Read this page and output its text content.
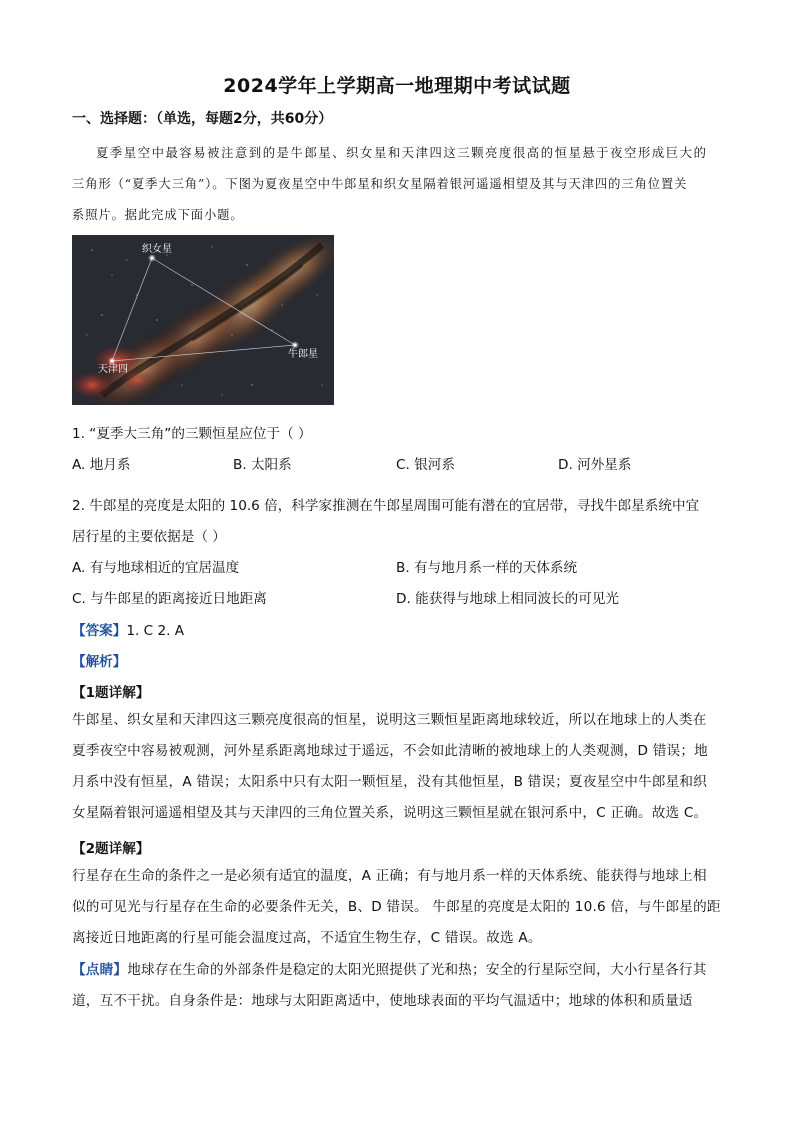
2024学年上学期高一地理期中考试试题
一、选择题：（单选，每题2分，共60分）
夏季星空中最容易被注意到的是牛郎星、织女星和天津四这三颗亮度很高的恒星悬于夜空形成巨大的
三角形（“夏季大三角”）。下图为夏夜星空中牛郎星和织女星隔着银河遥遥相望及其与天津四的三角位置关
系照片。据此完成下面小题。
织女星
牛郎星
天津四
1. “夏季大三角”的三颗恒星应位于（ ）
A. 地月系	B. 太阳系	C. 银河系	D. 河外星系
2. 牛郎星的亮度是太阳的 10.6 倍，科学家推测在牛郎星周围可能有潜在的宜居带，寻找牛郎星系统中宜
居行星的主要依据是（ ）
A. 有与地球相近的宜居温度	B. 有与地月系一样的天体系统
C. 与牛郎星的距离接近日地距离	D. 能获得与地球上相同波长的可见光
【答案】1. C 2. A
【解析】
【1题详解】
牛郎星、织女星和天津四这三颗亮度很高的恒星，说明这三颗恒星距离地球较近，所以在地球上的人类在
夏季夜空中容易被观测，河外星系距离地球过于遥远，不会如此清晰的被地球上的人类观测，D 错误；地
月系中没有恒星，A 错误；太阳系中只有太阳一颗恒星，没有其他恒星，B 错误；夏夜星空中牛郎星和织
女星隔着银河遥遥相望及其与天津四的三角位置关系，说明这三颗恒星就在银河系中，C 正确。故选 C。
【2题详解】
行星存在生命的条件之一是必须有适宜的温度，A 正确；有与地月系一样的天体系统、能获得与地球上相
似的可见光与行星存在生命的必要条件无关，B、D 错误。 牛郎星的亮度是太阳的 10.6 倍，与牛郎星的距
离接近日地距离的行星可能会温度过高，不适宜生物生存，C 错误。故选 A。
【点睛】地球存在生命的外部条件是稳定的太阳光照提供了光和热；安全的行星际空间，大小行星各行其
道，互不干扰。自身条件是：地球与太阳距离适中，使地球表面的平均气温适中；地球的体积和质量适
